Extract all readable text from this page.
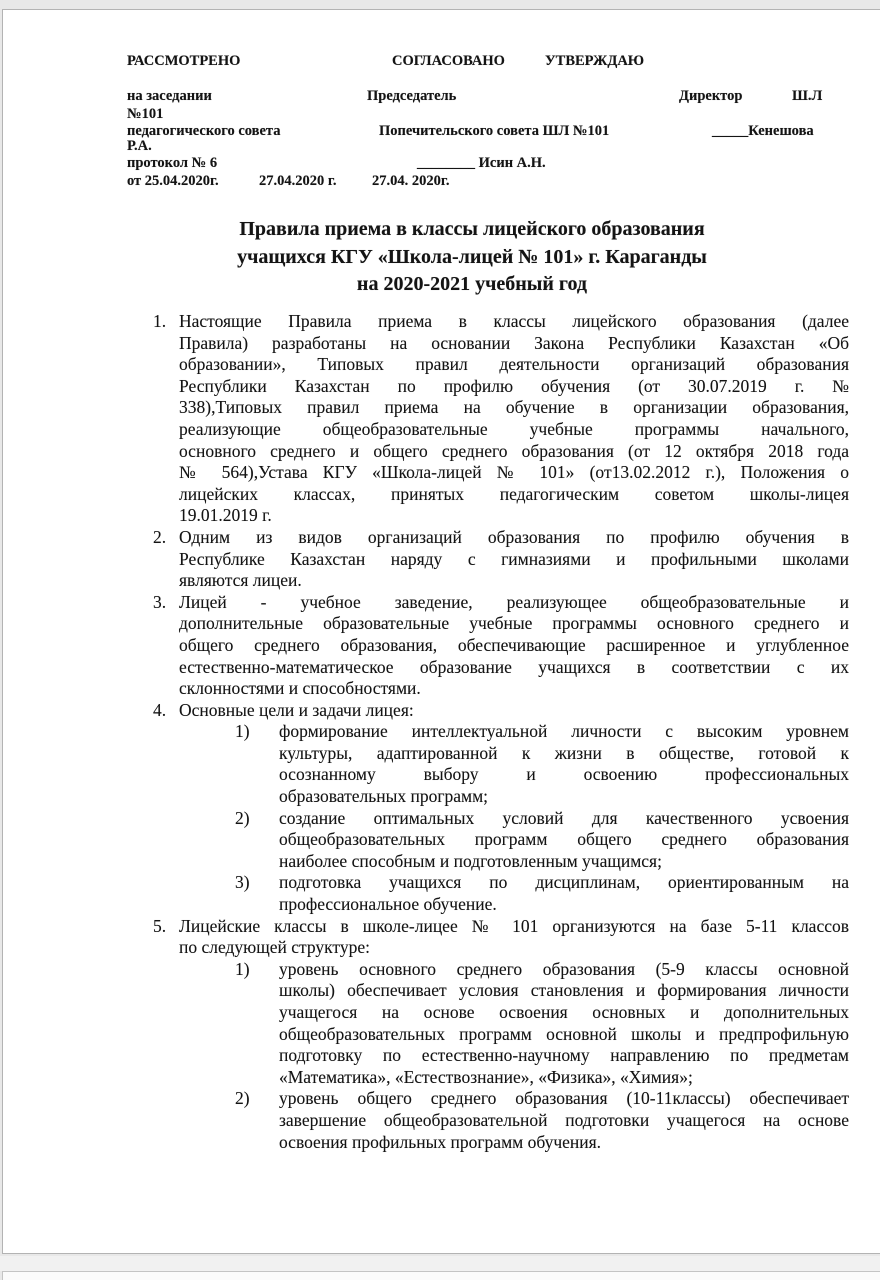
РАССМОТРЕНО	СОГЛАСОВАНО	УТВЕРЖДАЮ
на заседании	Председатель	Директор	Ш.Л
№101
педагогического совета	Попечительского совета ШЛ №101	_____Кенешова
Р.А.
протокол № 6	________ Исин А.Н.
от 25.04.2020г.	27.04.2020 г. 27.04. 2020г.
Правила приема в классы лицейского образования
учащихся КГУ «Школа-лицей № 101» г. Караганды
на 2020-2021 учебный год
1. Настоящие Правила приема в классы лицейского образования (далее
Правила) разработаны на основании Закона Республики Казахстан «Об
образовании», Типовых правил деятельности организаций образования
Республики Казахстан по профилю обучения (от 30.07.2019 г. №
338),Типовых правил приема на обучение в организации образования,
реализующие общеобразовательные учебные программы начального,
основного среднего и общего среднего образования (от 12 октября 2018 года
№ 564),Устава КГУ «Школа-лицей № 101» (от13.02.2012 г.), Положения о
лицейских классах, принятых педагогическим советом школы-лицея
19.01.2019 г.
2. Одним из видов организаций образования по профилю обучения в
Республике Казахстан наряду с гимназиями и профильными школами
являются лицеи.
3. Лицей - учебное заведение, реализующее общеобразовательные и
дополнительные образовательные учебные программы основного среднего и
общего среднего образования, обеспечивающие расширенное и углубленное
естественно-математическое образование учащихся в соответствии с их
склонностями и способностями.
4. Основные цели и задачи лицея:
1) формирование интеллектуальной личности с высоким уровнем
культуры, адаптированной к жизни в обществе, готовой к
осознанному выбору и освоению профессиональных
образовательных программ;
2) создание оптимальных условий для качественного усвоения
общеобразовательных программ общего среднего образования
наиболее способным и подготовленным учащимся;
3) подготовка учащихся по дисциплинам, ориентированным на
профессиональное обучение.
5. Лицейские классы в школе-лицее № 101 организуются на базе 5-11 классов
по следующей структуре:
1) уровень основного среднего образования (5-9 классы основной
школы) обеспечивает условия становления и формирования личности
учащегося на основе освоения основных и дополнительных
общеобразовательных программ основной школы и предпрофильную
подготовку по естественно-научному направлению по предметам
«Математика», «Естествознание», «Физика», «Химия»;
2) уровень общего среднего образования (10-11классы) обеспечивает
завершение общеобразовательной подготовки учащегося на основе
освоения профильных программ обучения.
